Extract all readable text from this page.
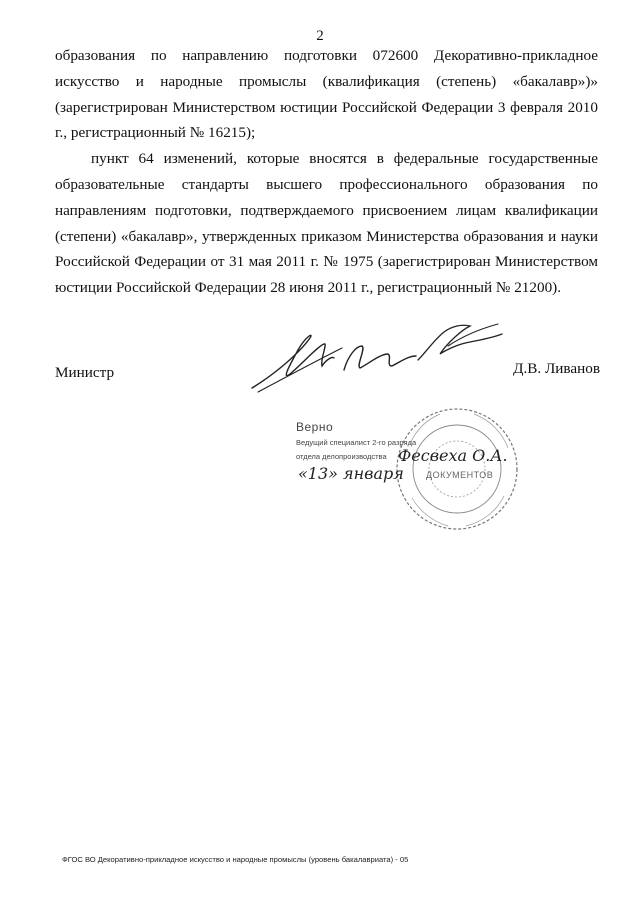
2

образования по направлению подготовки 072600 Декоративно-прикладное искусство и народные промыслы (квалификация (степень) «бакалавр»)» (зарегистрирован Министерством юстиции Российской Федерации 3 февраля 2010 г., регистрационный № 16215);

пункт 64 изменений, которые вносятся в федеральные государственные образовательные стандарты высшего профессионального образования по направлениям подготовки, подтверждаемого присвоением лицам квалификации (степени) «бакалавр», утвержденных приказом Министерства образования и науки Российской Федерации от 31 мая 2011 г. № 1975 (зарегистрирован Министерством юстиции Российской Федерации 28 июня 2011 г., регистрационный № 21200).

Министр	Д.В. Ливанов
Верно
Ведущий специалист 2-го разряда
отдела делопроизводства Фесвеха О.А.
«13» января ДОКУМЕНТОВ
ФГОС ВО Декоративно-прикладное искусство и народные промыслы (уровень бакалавриата) - 05
